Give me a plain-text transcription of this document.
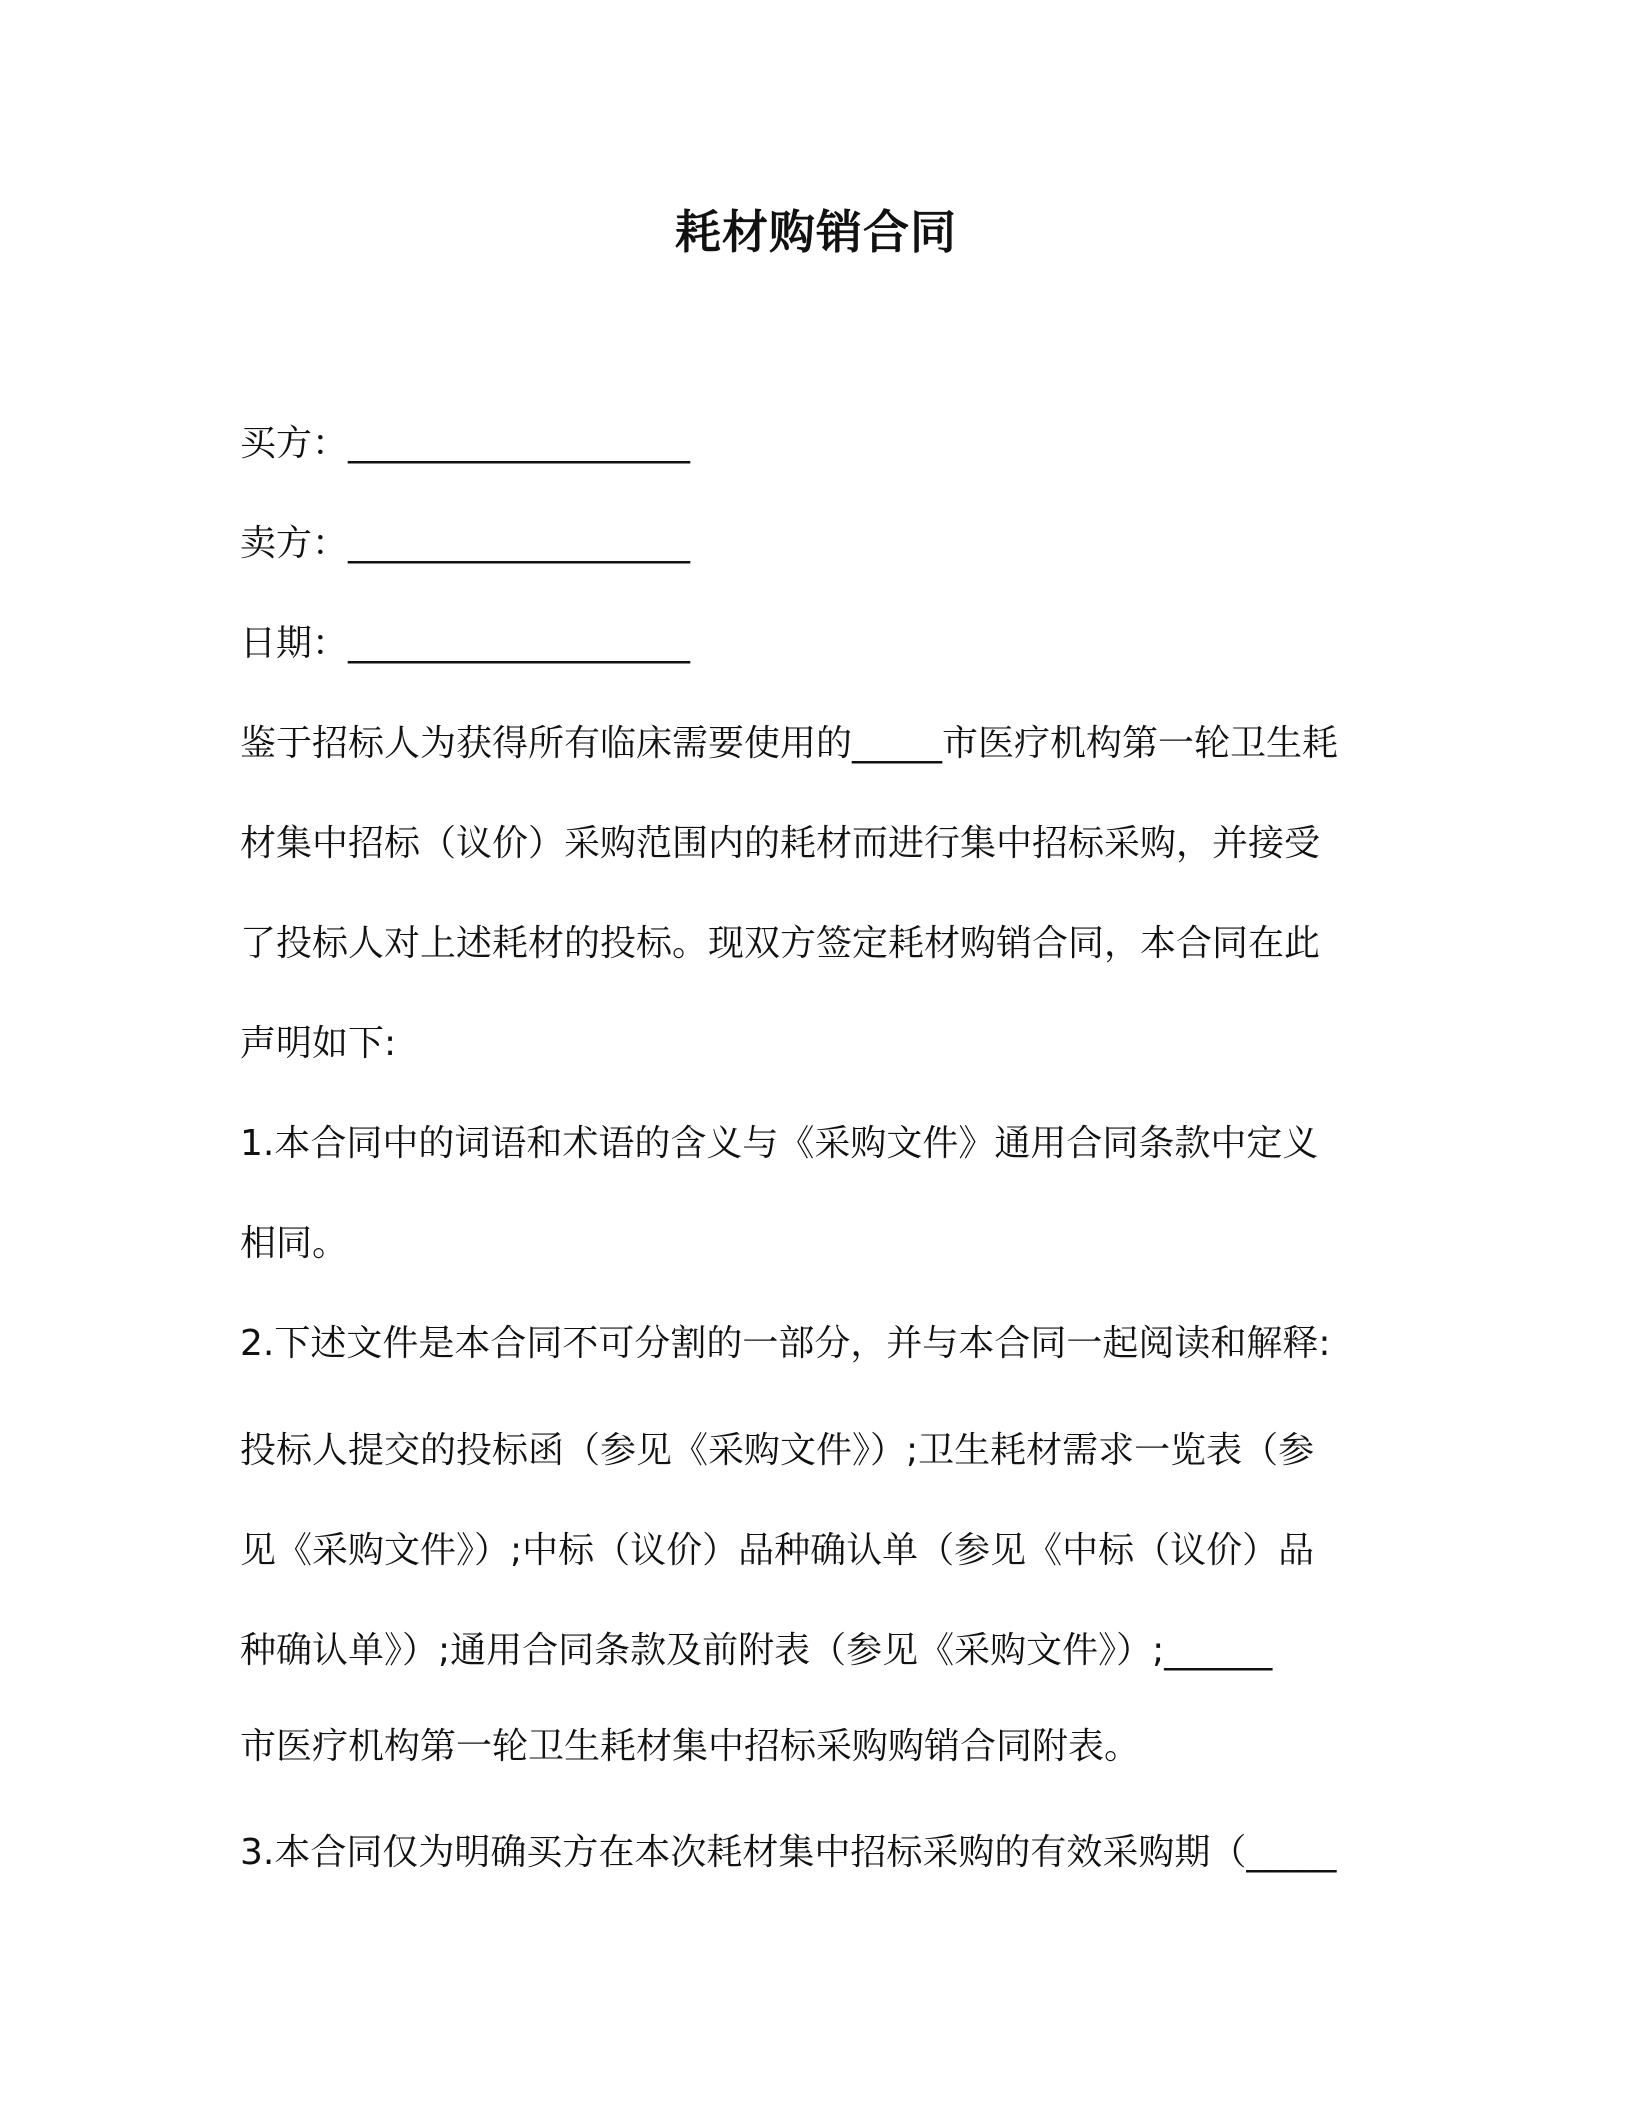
耗材购销合同
买方：___________________
卖方：___________________
日期：___________________
鉴于招标人为获得所有临床需要使用的_____市医疗机构第一轮卫生耗
材集中招标（议价）采购范围内的耗材而进行集中招标采购，并接受
了投标人对上述耗材的投标。现双方签定耗材购销合同，本合同在此
声明如下:
1.本合同中的词语和术语的含义与《采购文件》通用合同条款中定义
相同。
2.下述文件是本合同不可分割的一部分，并与本合同一起阅读和解释:
投标人提交的投标函（参见《采购文件》）;卫生耗材需求一览表（参
见《采购文件》）;中标（议价）品种确认单（参见《中标（议价）品
种确认单》）;通用合同条款及前附表（参见《采购文件》）;______
市医疗机构第一轮卫生耗材集中招标采购购销合同附表。
3.本合同仅为明确买方在本次耗材集中招标采购的有效采购期（_____
